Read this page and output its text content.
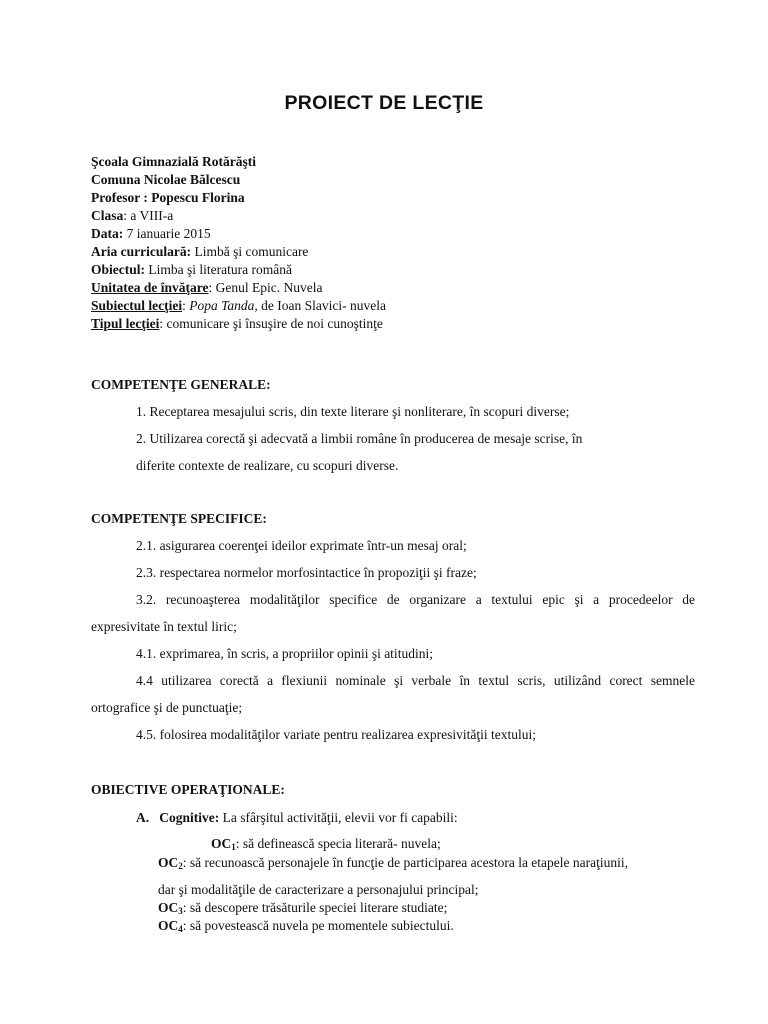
PROIECT DE LECŢIE
Şcoala Gimnazială Rotărăşti
Comuna Nicolae Bălcescu
Profesor : Popescu Florina
Clasa: a VIII-a
Data: 7 ianuarie 2015
Aria curriculară: Limbă şi comunicare
Obiectul: Limba şi literatura română
Unitatea de învăţare: Genul Epic. Nuvela
Subiectul lecţiei: Popa Tanda, de Ioan Slavici- nuvela
Tipul lecţiei: comunicare şi însuşire de noi cunoştinţe
COMPETENŢE GENERALE:
1. Receptarea mesajului scris, din texte literare şi nonliterare, în scopuri diverse;
2. Utilizarea corectă şi adecvată a limbii române în producerea de mesaje scrise, în
diferite contexte de realizare, cu scopuri diverse.
COMPETENŢE SPECIFICE:
2.1. asigurarea coerenţei ideilor exprimate într-un mesaj oral;
2.3. respectarea normelor morfosintactice în propoziţii şi fraze;
3.2. recunoaşterea modalităţilor specifice de organizare a textului epic şi a procedeelor de
expresivitate în textul liric;
4.1. exprimarea, în scris, a propriilor opinii şi atitudini;
4.4 utilizarea corectă a flexiunii nominale şi verbale în textul scris, utilizând corect semnele
ortografice şi de punctuaţie;
4.5. folosirea modalităţilor variate pentru realizarea expresivităţii textului;
OBIECTIVE OPERAŢIONALE:
A. Cognitive: La sfârşitul activităţii, elevii vor fi capabili:
$OC_1$: să definească specia literară- nuvela;
$OC_2$: să recunoască personajele în funcţie de participarea acestora la etapele naraţiunii,
dar şi modalităţile de caracterizare a personajului principal;
$OC_3$: să descopere trăsăturile speciei literare studiate;
$OC_4$: să povestească nuvela pe momentele subiectului.
